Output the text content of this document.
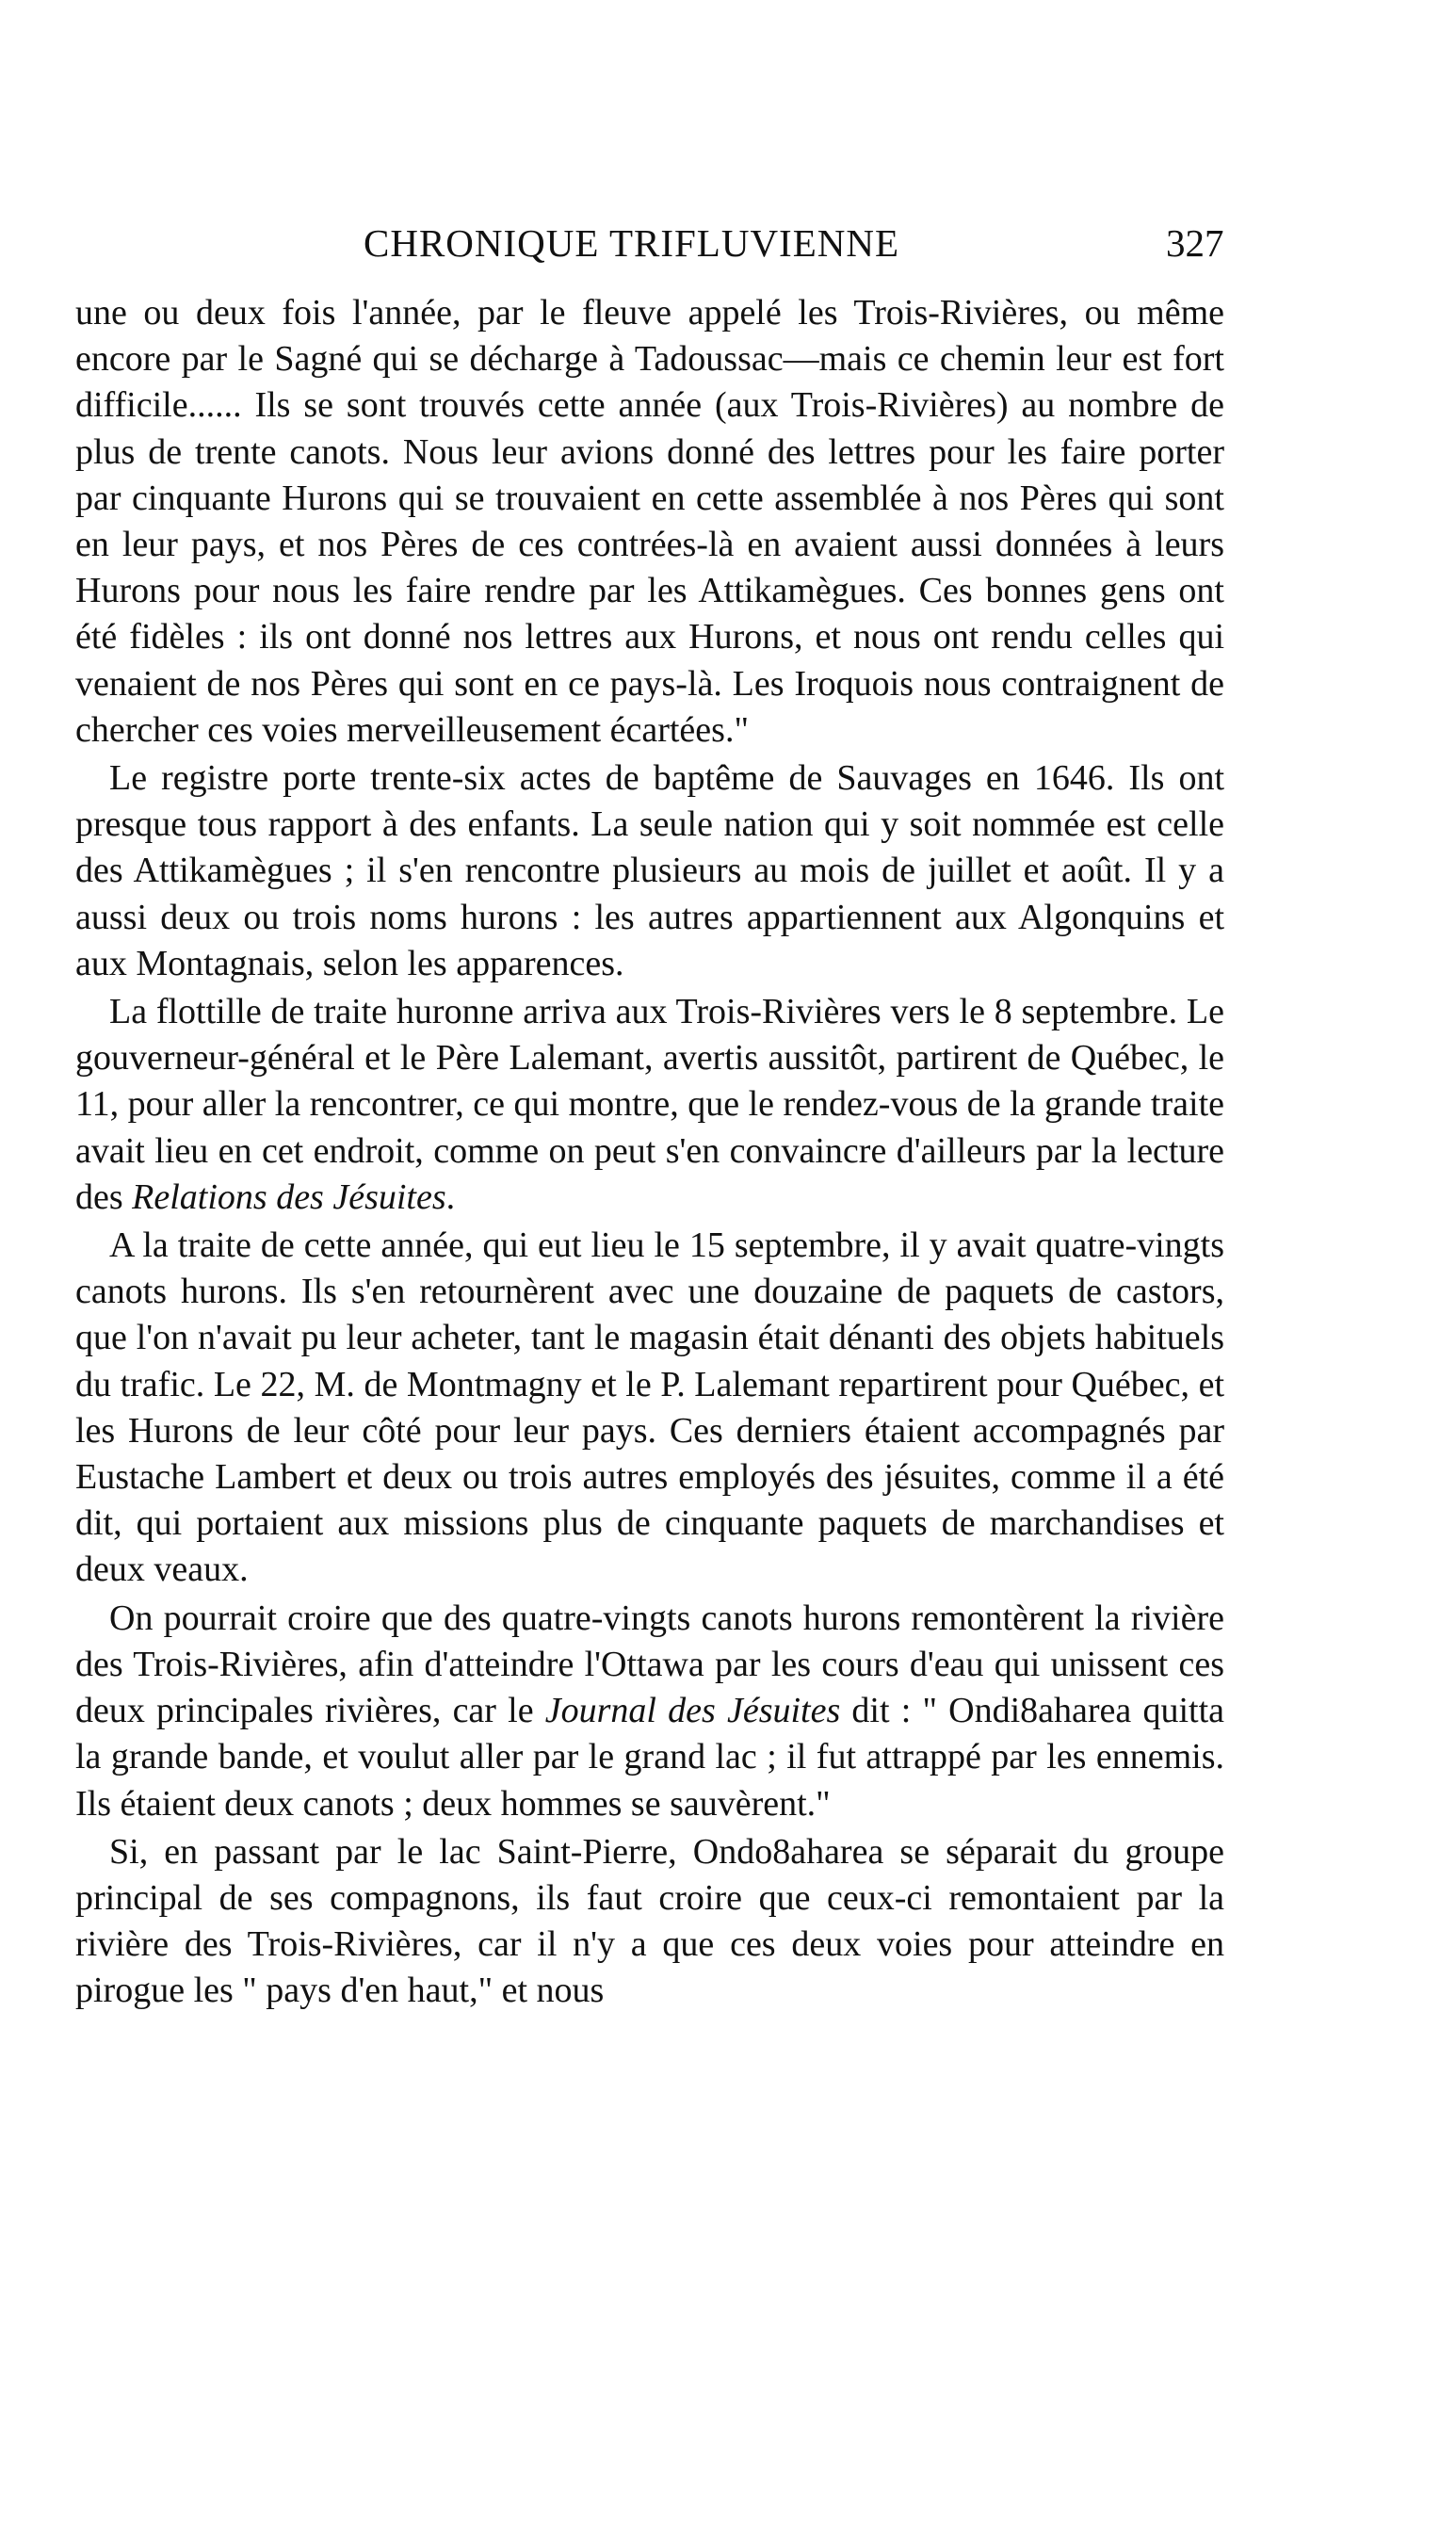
CHRONIQUE TRIFLUVIENNE	327

une ou deux fois l'année, par le fleuve appelé les Trois-Rivières, ou même encore par le Sagné qui se décharge à Tadoussac—mais ce chemin leur est fort difficile...... Ils se sont trouvés cette année (aux Trois-Rivières) au nombre de plus de trente canots. Nous leur avions donné des lettres pour les faire porter par cinquante Hurons qui se trouvaient en cette assemblée à nos Pères qui sont en leur pays, et nos Pères de ces contrées-là en avaient aussi données à leurs Hurons pour nous les faire rendre par les Attikamègues. Ces bonnes gens ont été fidèles : ils ont donné nos lettres aux Hurons, et nous ont rendu celles qui venaient de nos Pères qui sont en ce pays-là. Les Iroquois nous contraignent de chercher ces voies merveilleusement écartées."

Le registre porte trente-six actes de baptême de Sauvages en 1646. Ils ont presque tous rapport à des enfants. La seule nation qui y soit nommée est celle des Attikamègues ; il s'en rencontre plusieurs au mois de juillet et août. Il y a aussi deux ou trois noms hurons : les autres appartiennent aux Algonquins et aux Montagnais, selon les apparences.

La flottille de traite huronne arriva aux Trois-Rivières vers le 8 septembre. Le gouverneur-général et le Père Lalemant, avertis aussitôt, partirent de Québec, le 11, pour aller la rencontrer, ce qui montre, que le rendez-vous de la grande traite avait lieu en cet endroit, comme on peut s'en convaincre d'ailleurs par la lecture des Relations des Jésuites.

A la traite de cette année, qui eut lieu le 15 septembre, il y avait quatre-vingts canots hurons. Ils s'en retournèrent avec une douzaine de paquets de castors, que l'on n'avait pu leur acheter, tant le magasin était dénanti des objets habituels du trafic. Le 22, M. de Montmagny et le P. Lalemant repartirent pour Québec, et les Hurons de leur côté pour leur pays. Ces derniers étaient accompagnés par Eustache Lambert et deux ou trois autres employés des jésuites, comme il a été dit, qui portaient aux missions plus de cinquante paquets de marchandises et deux veaux.

On pourrait croire que des quatre-vingts canots hurons remontèrent la rivière des Trois-Rivières, afin d'atteindre l'Ottawa par les cours d'eau qui unissent ces deux principales rivières, car le Journal des Jésuites dit : " Ondi8aharea quitta la grande bande, et voulut aller par le grand lac ; il fut attrappé par les ennemis. Ils étaient deux canots ; deux hommes se sauvèrent."

Si, en passant par le lac Saint-Pierre, Ondo8aharea se séparait du groupe principal de ses compagnons, ils faut croire que ceux-ci remontaient par la rivière des Trois-Rivières, car il n'y a que ces deux voies pour atteindre en pirogue les " pays d'en haut," et nous
